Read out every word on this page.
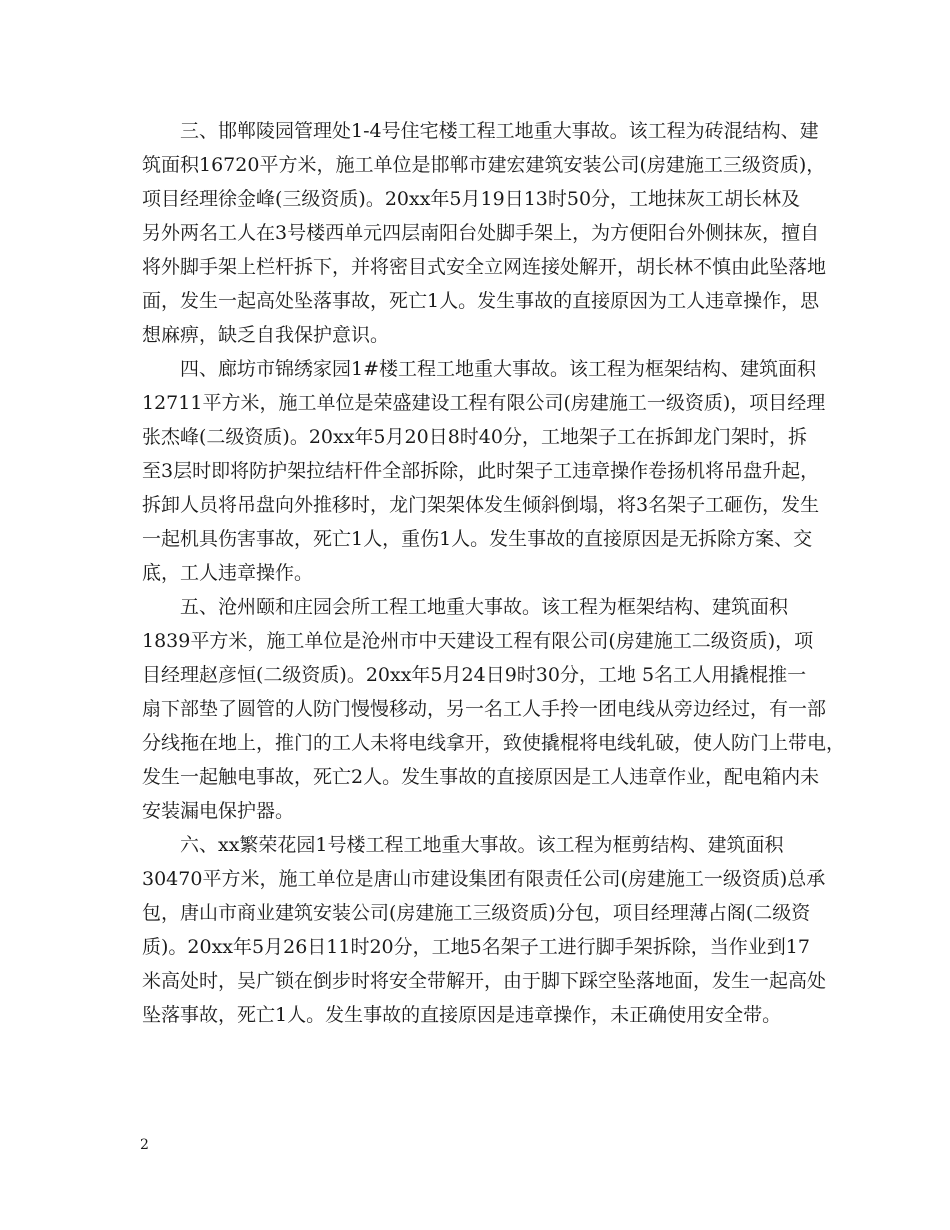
三、邯郸陵园管理处1-4号住宅楼工程工地重大事故。该工程为砖混结构、建
筑面积16720平方米，施工单位是邯郸市建宏建筑安装公司(房建施工三级资质)，
项目经理徐金峰(三级资质)。20xx年5月19日13时50分，工地抹灰工胡长林及
另外两名工人在3号楼西单元四层南阳台处脚手架上，为方便阳台外侧抹灰，擅自
将外脚手架上栏杆拆下，并将密目式安全立网连接处解开，胡长林不慎由此坠落地
面，发生一起高处坠落事故，死亡1人。发生事故的直接原因为工人违章操作，思
想麻痹，缺乏自我保护意识。

四、廊坊市锦绣家园1#楼工程工地重大事故。该工程为框架结构、建筑面积
12711平方米，施工单位是荣盛建设工程有限公司(房建施工一级资质)，项目经理
张杰峰(二级资质)。20xx年5月20日8时40分，工地架子工在拆卸龙门架时，拆
至3层时即将防护架拉结杆件全部拆除，此时架子工违章操作卷扬机将吊盘升起，
拆卸人员将吊盘向外推移时，龙门架架体发生倾斜倒塌，将3名架子工砸伤，发生
一起机具伤害事故，死亡1人，重伤1人。发生事故的直接原因是无拆除方案、交
底，工人违章操作。

五、沧州颐和庄园会所工程工地重大事故。该工程为框架结构、建筑面积
1839平方米，施工单位是沧州市中天建设工程有限公司(房建施工二级资质)，项
目经理赵彦恒(二级资质)。20xx年5月24日9时30分，工地 5名工人用撬棍推一
扇下部垫了圆管的人防门慢慢移动，另一名工人手拎一团电线从旁边经过，有一部
分线拖在地上，推门的工人未将电线拿开，致使撬棍将电线轧破，使人防门上带电，
发生一起触电事故，死亡2人。发生事故的直接原因是工人违章作业，配电箱内未
安装漏电保护器。

六、xx繁荣花园1号楼工程工地重大事故。该工程为框剪结构、建筑面积
30470平方米，施工单位是唐山市建设集团有限责任公司(房建施工一级资质)总承
包，唐山市商业建筑安装公司(房建施工三级资质)分包，项目经理薄占阁(二级资
质)。20xx年5月26日11时20分，工地5名架子工进行脚手架拆除，当作业到17
米高处时，吴广锁在倒步时将安全带解开，由于脚下踩空坠落地面，发生一起高处
坠落事故，死亡1人。发生事故的直接原因是违章操作，未正确使用安全带。

2
